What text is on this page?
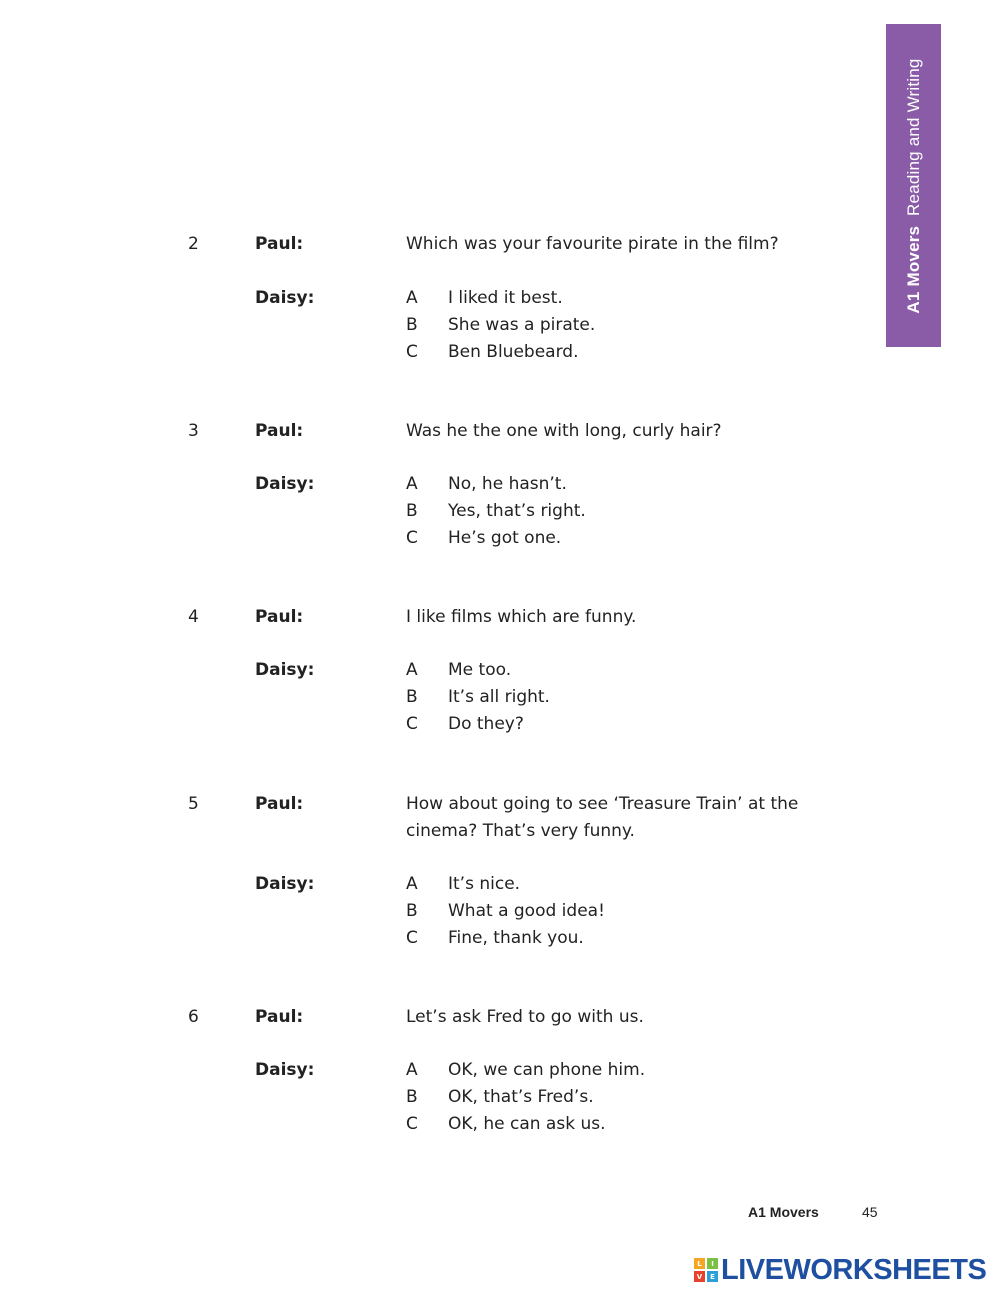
A1 Movers  Reading and Writing
2	Paul:	Which was your favourite pirate in the film?
Daisy:	A I liked it best.
B She was a pirate.
C Ben Bluebeard.
3	Paul:	Was he the one with long, curly hair?
Daisy:	A No, he hasn’t.
B Yes, that’s right.
C He’s got one.
4	Paul:	I like films which are funny.
Daisy:	A Me too.
B It’s all right.
C Do they?
5	Paul:	How about going to see ‘Treasure Train’ at the cinema? That’s very funny.
Daisy:	A It’s nice.
B What a good idea!
C Fine, thank you.
6	Paul:	Let’s ask Fred to go with us.
Daisy:	A OK, we can phone him.
B OK, that’s Fred’s.
C OK, he can ask us.
A1 Movers	45
L	I
V	E LIVEWORKSHEETS
